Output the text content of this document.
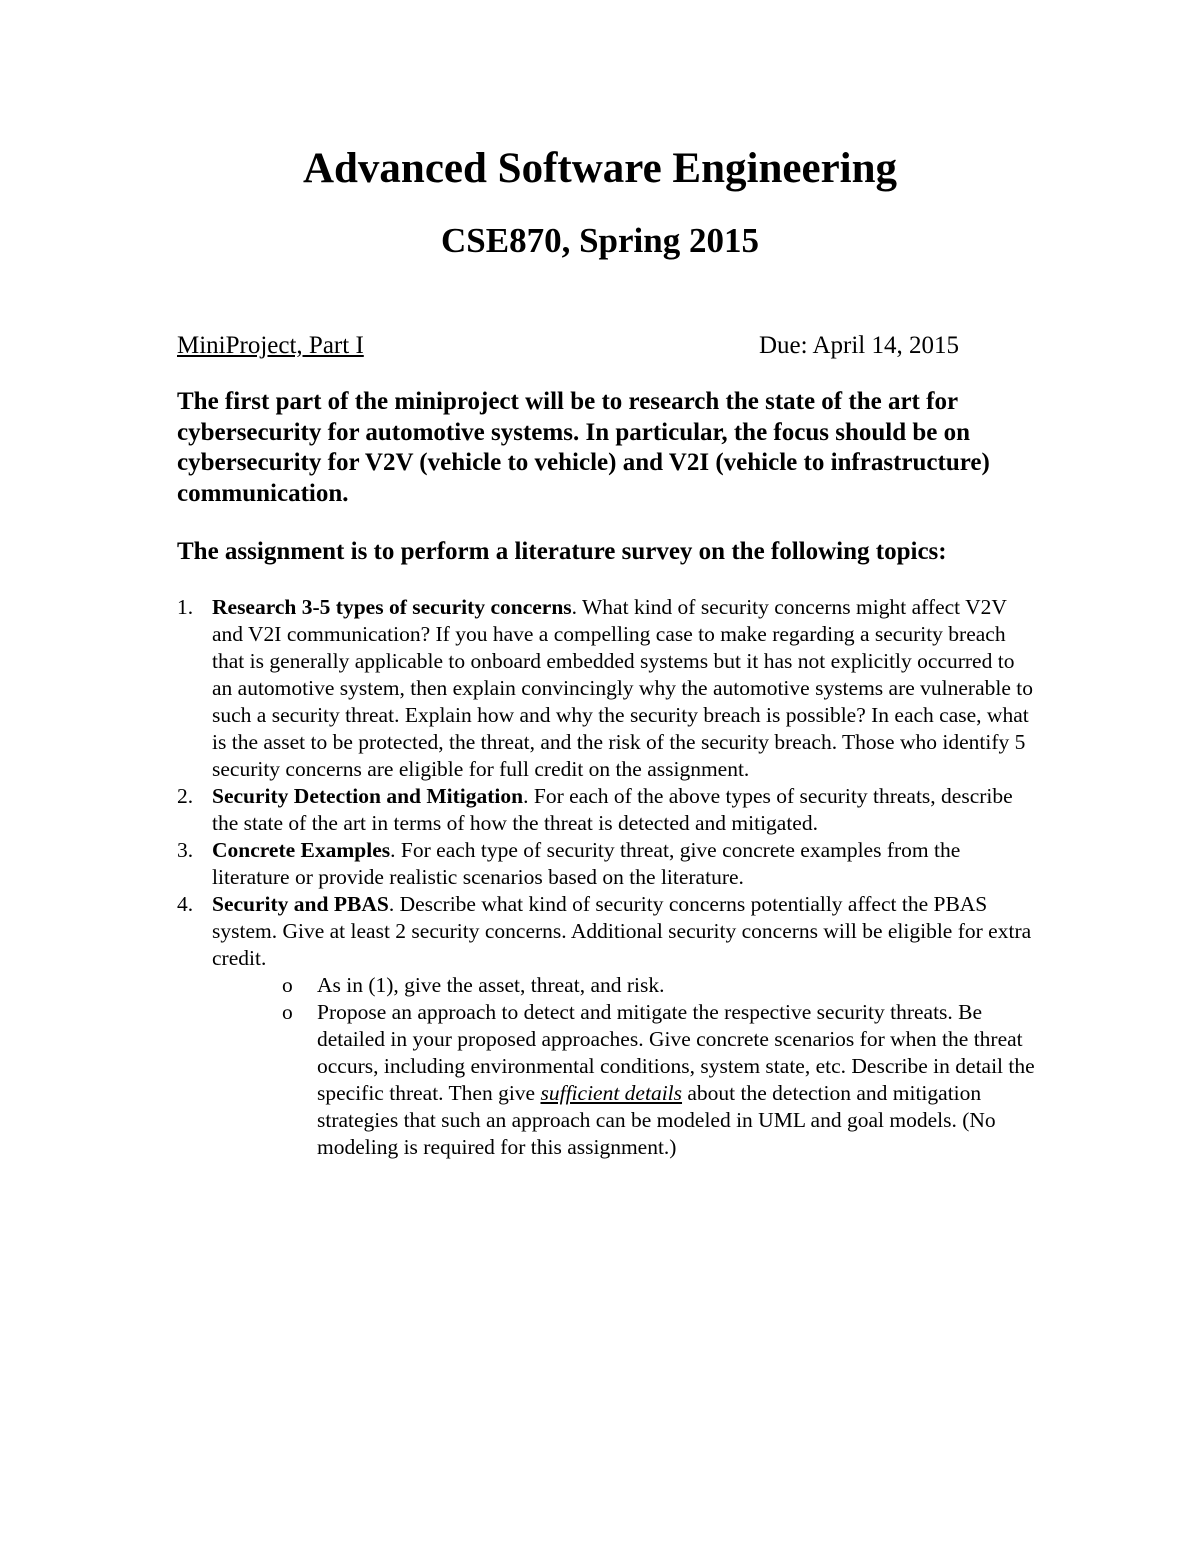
Advanced Software Engineering
CSE870, Spring 2015
MiniProject, Part I	Due: April 14, 2015

The first part of the miniproject will be to research the state of the art for cybersecurity for automotive systems. In particular, the focus should be on cybersecurity for V2V (vehicle to vehicle) and V2I (vehicle to infrastructure) communication.

The assignment is to perform a literature survey on the following topics:

1. Research 3-5 types of security concerns. What kind of security concerns might affect V2V and V2I communication? If you have a compelling case to make regarding a security breach that is generally applicable to onboard embedded systems but it has not explicitly occurred to an automotive system, then explain convincingly why the automotive systems are vulnerable to such a security threat. Explain how and why the security breach is possible? In each case, what is the asset to be protected, the threat, and the risk of the security breach. Those who identify 5 security concerns are eligible for full credit on the assignment.
2. Security Detection and Mitigation. For each of the above types of security threats, describe the state of the art in terms of how the threat is detected and mitigated.
3. Concrete Examples. For each type of security threat, give concrete examples from the literature or provide realistic scenarios based on the literature.
4. Security and PBAS. Describe what kind of security concerns potentially affect the PBAS system. Give at least 2 security concerns. Additional security concerns will be eligible for extra credit.
o As in (1), give the asset, threat, and risk.
o Propose an approach to detect and mitigate the respective security threats. Be detailed in your proposed approaches. Give concrete scenarios for when the threat occurs, including environmental conditions, system state, etc. Describe in detail the specific threat. Then give sufficient details about the detection and mitigation strategies that such an approach can be modeled in UML and goal models. (No modeling is required for this assignment.)
